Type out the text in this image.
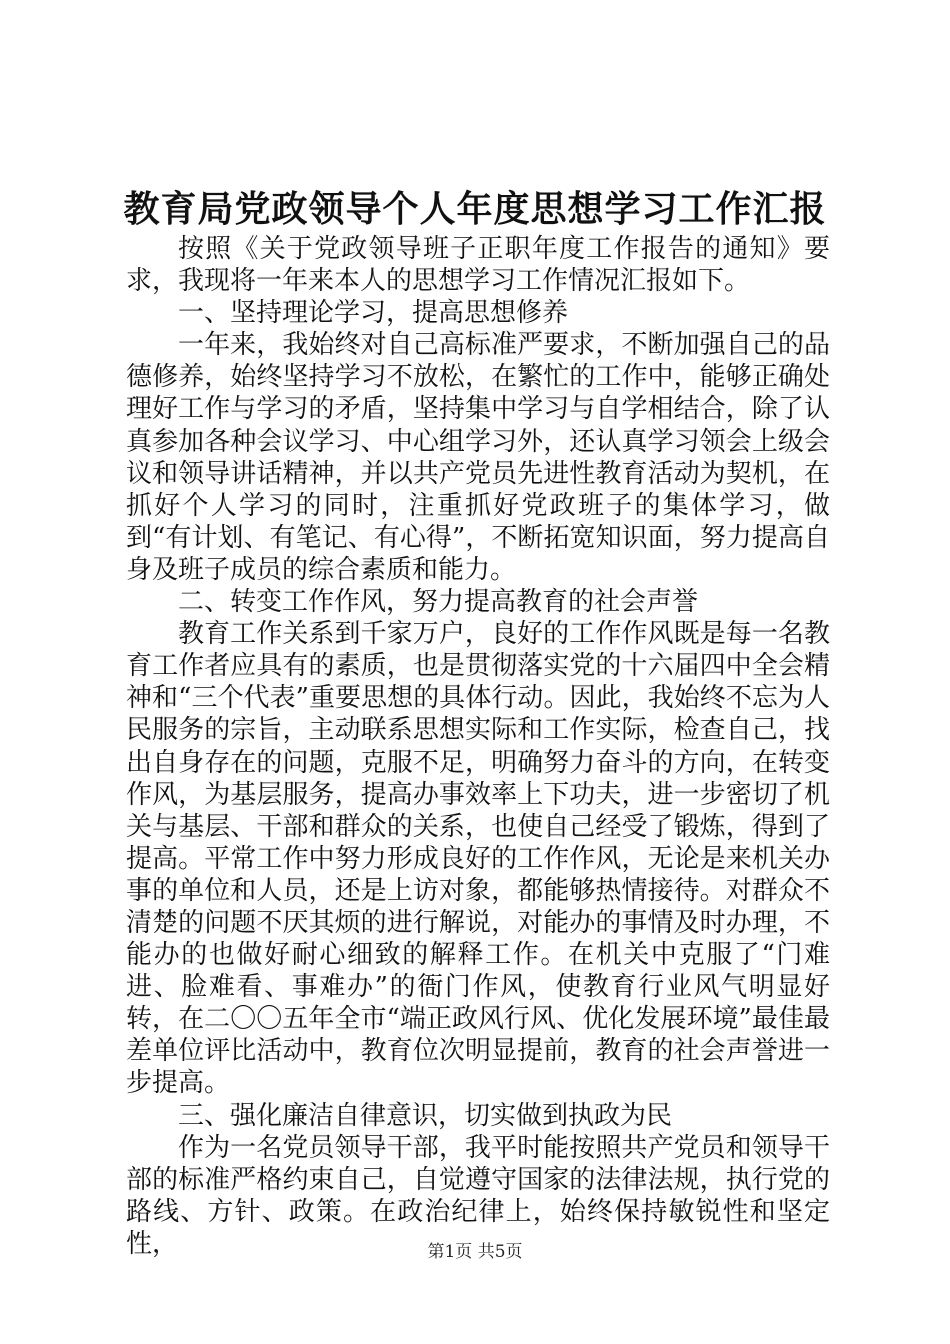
教育局党政领导个人年度思想学习工作汇报

按照《关于党政领导班子正职年度工作报告的通知》要求，我现将一年来本人的思想学习工作情况汇报如下。

一、坚持理论学习，提高思想修养

一年来，我始终对自己高标准严要求，不断加强自己的品德修养，始终坚持学习不放松，在繁忙的工作中，能够正确处理好工作与学习的矛盾，坚持集中学习与自学相结合，除了认真参加各种会议学习、中心组学习外，还认真学习领会上级会议和领导讲话精神，并以共产党员先进性教育活动为契机，在抓好个人学习的同时，注重抓好党政班子的集体学习，做到“有计划、有笔记、有心得”，不断拓宽知识面，努力提高自身及班子成员的综合素质和能力。

二、转变工作作风，努力提高教育的社会声誉

教育工作关系到千家万户，良好的工作作风既是每一名教育工作者应具有的素质，也是贯彻落实党的十六届四中全会精神和“三个代表”重要思想的具体行动。因此，我始终不忘为人民服务的宗旨，主动联系思想实际和工作实际，检查自己，找出自身存在的问题，克服不足，明确努力奋斗的方向，在转变作风，为基层服务，提高办事效率上下功夫，进一步密切了机关与基层、干部和群众的关系，也使自己经受了锻炼，得到了提高。平常工作中努力形成良好的工作作风，无论是来机关办事的单位和人员，还是上访对象，都能够热情接待。对群众不清楚的问题不厌其烦的进行解说，对能办的事情及时办理，不能办的也做好耐心细致的解释工作。在机关中克服了“门难进、脸难看、事难办”的衙门作风，使教育行业风气明显好转，在二〇〇五年全市“端正政风行风、优化发展环境”最佳最差单位评比活动中，教育位次明显提前，教育的社会声誉进一步提高。

三、强化廉洁自律意识，切实做到执政为民

作为一名党员领导干部，我平时能按照共产党员和领导干部的标准严格约束自己，自觉遵守国家的法律法规，执行党的路线、方针、政策。在政治纪律上，始终保持敏锐性和坚定性，	第1页 共5页
